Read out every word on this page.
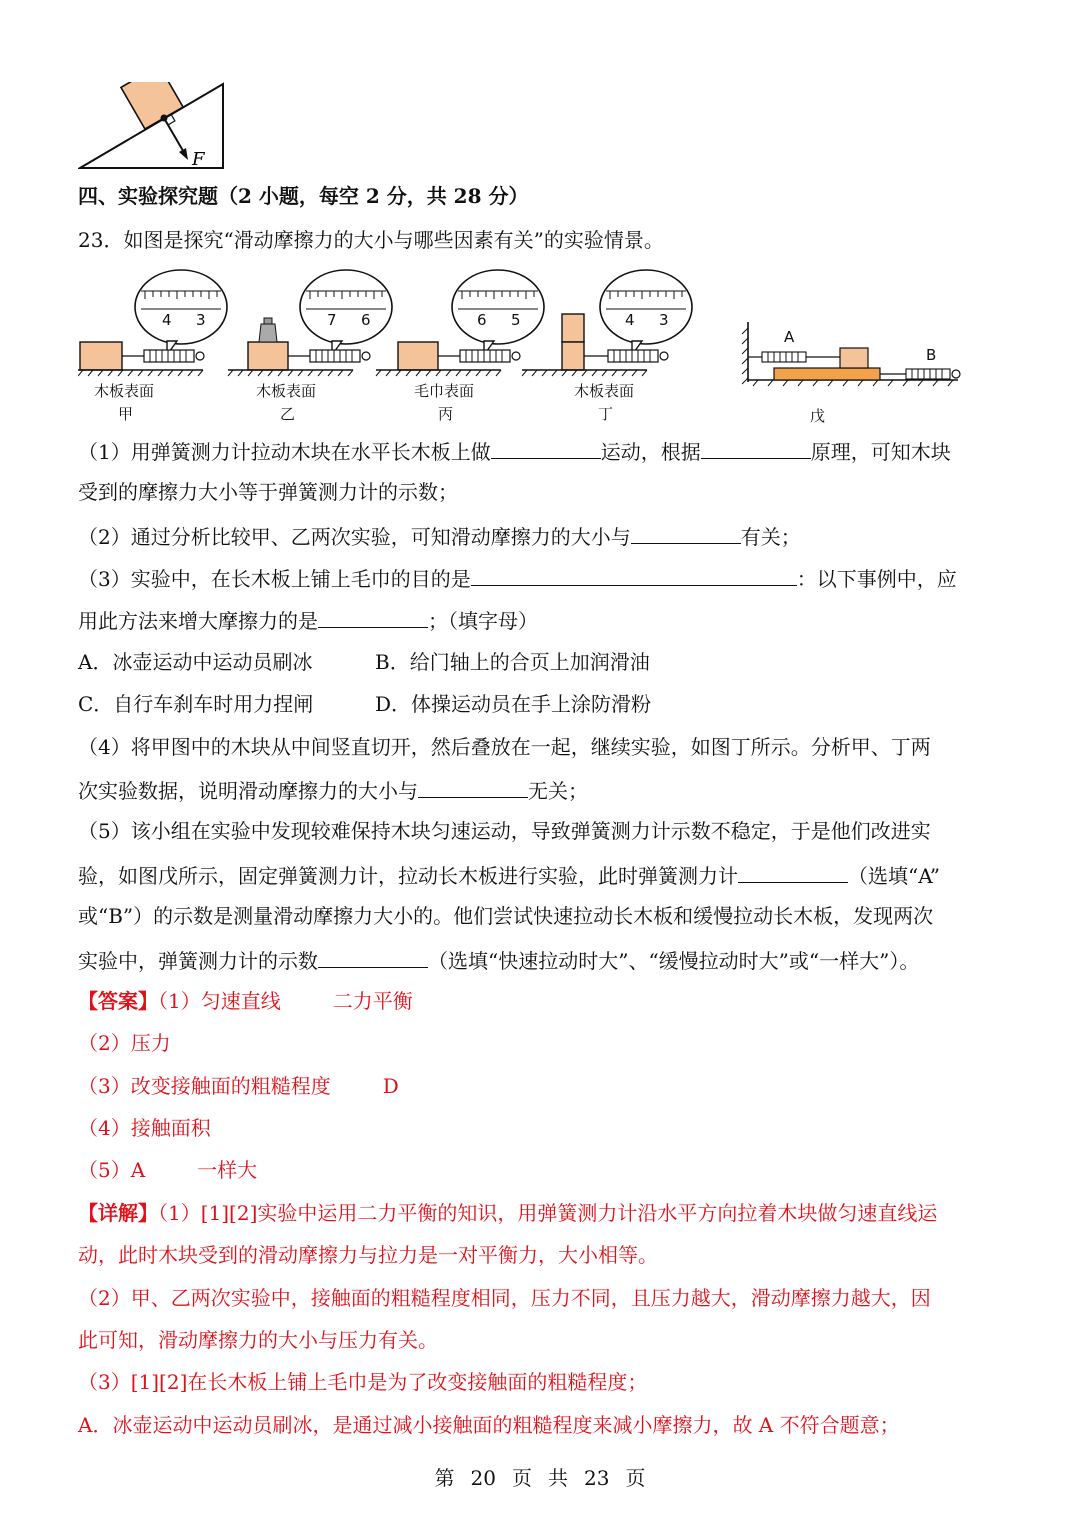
F
四、实验探究题（2 小题，每空 2 分，共 28 分）
23．如图是探究“滑动摩擦力的大小与哪些因素有关”的实验情景。
4 3	7 6	6 5	4 3
木板表面
甲
木板表面
乙
毛巾表面
丙
木板表面
丁
A
B
戊
（1）用弹簧测力计拉动木块在水平长木板上做	运动，根据	原理，可知木块
受到的摩擦力大小等于弹簧测力计的示数；
（2）通过分析比较甲、乙两次实验，可知滑动摩擦力的大小与	有关；
（3）实验中，在长木板上铺上毛巾的目的是	：以下事例中，应
用此方法来增大摩擦力的是	；（填字母）
A．冰壶运动中运动员刷冰	B．给门轴上的合页上加润滑油
C．自行车刹车时用力捏闸	D．体操运动员在手上涂防滑粉
（4）将甲图中的木块从中间竖直切开，然后叠放在一起，继续实验，如图丁所示。分析甲、丁两
次实验数据，说明滑动摩擦力的大小与	无关；
（5）该小组在实验中发现较难保持木块匀速运动，导致弹簧测力计示数不稳定，于是他们改进实
验，如图戊所示，固定弹簧测力计，拉动长木板进行实验，此时弹簧测力计	（选填“A”
或“B”）的示数是测量滑动摩擦力大小的。他们尝试快速拉动长木板和缓慢拉动长木板，发现两次
实验中，弹簧测力计的示数	（选填“快速拉动时大”、“缓慢拉动时大”或“一样大”）。
【答案】（1）匀速直线	二力平衡
（2）压力
（3）改变接触面的粗糙程度	D
（4）接触面积
（5）A	一样大
【详解】（1）[1][2]实验中运用二力平衡的知识，用弹簧测力计沿水平方向拉着木块做匀速直线运
动，此时木块受到的滑动摩擦力与拉力是一对平衡力，大小相等。
（2）甲、乙两次实验中，接触面的粗糙程度相同，压力不同，且压力越大，滑动摩擦力越大，因
此可知，滑动摩擦力的大小与压力有关。
（3）[1][2]在长木板上铺上毛巾是为了改变接触面的粗糙程度；
A．冰壶运动中运动员刷冰，是通过减小接触面的粗糙程度来减小摩擦力，故 A 不符合题意；
第 20 页 共 23 页
